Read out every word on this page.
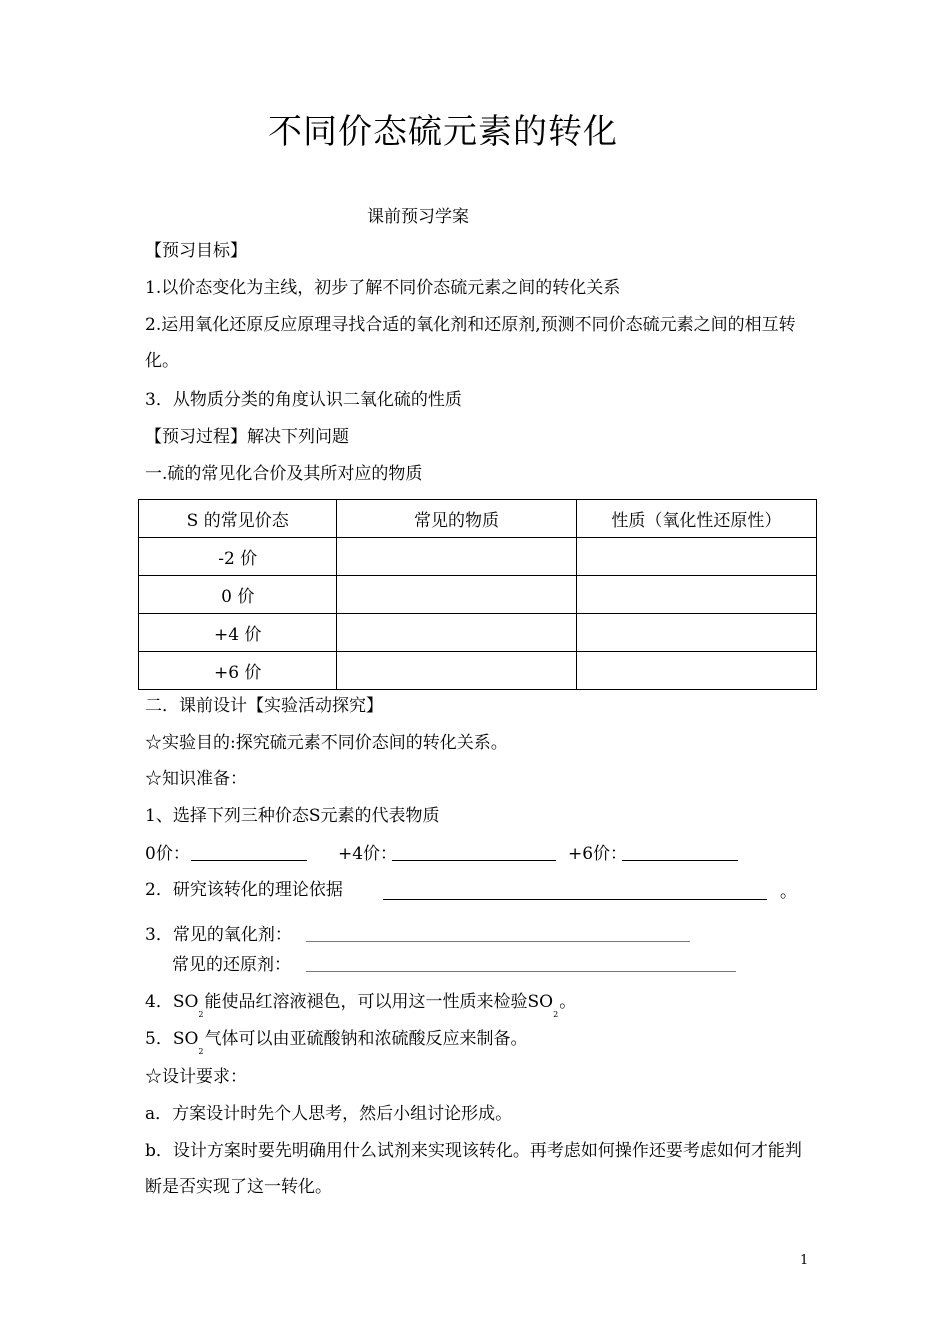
不同价态硫元素的转化
课前预习学案
【预习目标】
1.以价态变化为主线，初步了解不同价态硫元素之间的转化关系
2.运用氧化还原反应原理寻找合适的氧化剂和还原剂,预测不同价态硫元素之间的相互转化。
3．从物质分类的角度认识二氧化硫的性质
【预习过程】解决下列问题
一.硫的常见化合价及其所对应的物质
S 的常见价态	常见的物质	性质（氧化性还原性）
-2 价		
0 价		
+4 价		
+6 价		
二．课前设计【实验活动探究】
☆实验目的:探究硫元素不同价态间的转化关系。
☆知识准备：
1、选择下列三种价态S元素的代表物质
0价：	+4价：	+6价：
2．研究该转化的理论依据	。
3．常见的氧化剂：
常见的还原剂：
4．$SO_2$能使品红溶液褪色，可以用这一性质来检验$SO_2$。
5．$SO_2$气体可以由亚硫酸钠和浓硫酸反应来制备。
☆设计要求：
a．方案设计时先个人思考，然后小组讨论形成。
b．设计方案时要先明确用什么试剂来实现该转化。再考虑如何操作还要考虑如何才能判断是否实现了这一转化。
1
